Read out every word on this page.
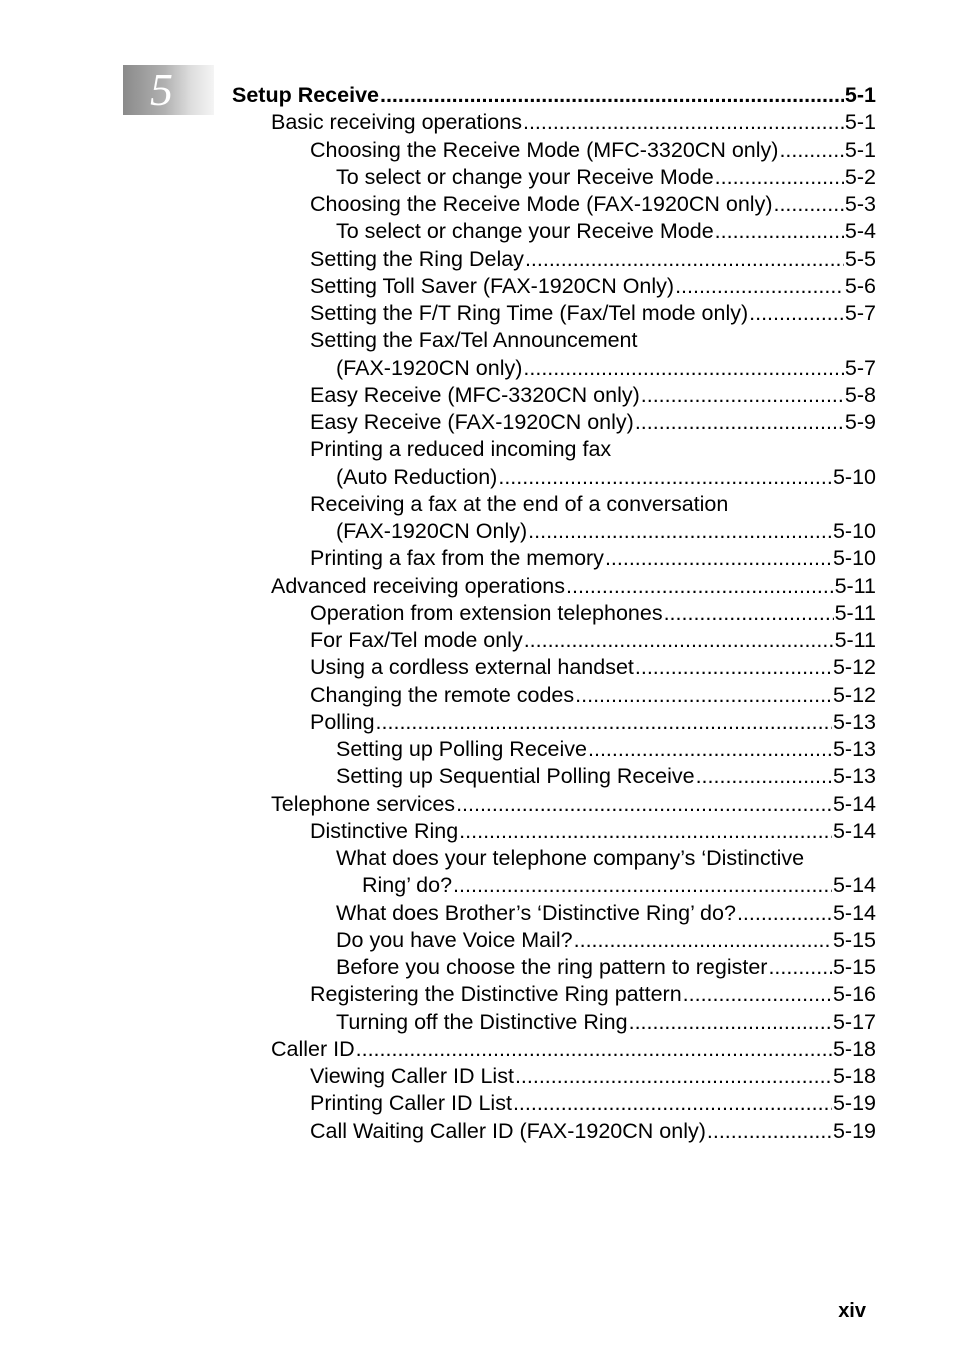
5	Setup Receive .....	5-1
Basic receiving operations .....	5-1
Choosing the Receive Mode (MFC-3320CN only) .....	5-1
To select or change your Receive Mode .....	5-2
Choosing the Receive Mode (FAX-1920CN only) .....	5-3
To select or change your Receive Mode .....	5-4
Setting the Ring Delay .....	5-5
Setting Toll Saver (FAX-1920CN Only) .....	5-6
Setting the F/T Ring Time (Fax/Tel mode only) .....	5-7
Setting the Fax/Tel Announcement
(FAX-1920CN only) .....	5-7
Easy Receive (MFC-3320CN only) .....	5-8
Easy Receive (FAX-1920CN only) .....	5-9
Printing a reduced incoming fax
(Auto Reduction) .....	5-10
Receiving a fax at the end of a conversation
(FAX-1920CN Only) .....	5-10
Printing a fax from the memory .....	5-10
Advanced receiving operations .....	5-11
Operation from extension telephones .....	5-11
For Fax/Tel mode only .....	5-11
Using a cordless external handset .....	5-12
Changing the remote codes .....	5-12
Polling .....	5-13
Setting up Polling Receive .....	5-13
Setting up Sequential Polling Receive .....	5-13
Telephone services .....	5-14
Distinctive Ring .....	5-14
What does your telephone company’s ‘Distinctive
Ring’ do? .....	5-14
What does Brother’s ‘Distinctive Ring’ do? .....	5-14
Do you have Voice Mail? .....	5-15
Before you choose the ring pattern to register .....	5-15
Registering the Distinctive Ring pattern .....	5-16
Turning off the Distinctive Ring .....	5-17
Caller ID .....	5-18
Viewing Caller ID List .....	5-18
Printing Caller ID List .....	5-19
Call Waiting Caller ID (FAX-1920CN only) .....	5-19
xiv
